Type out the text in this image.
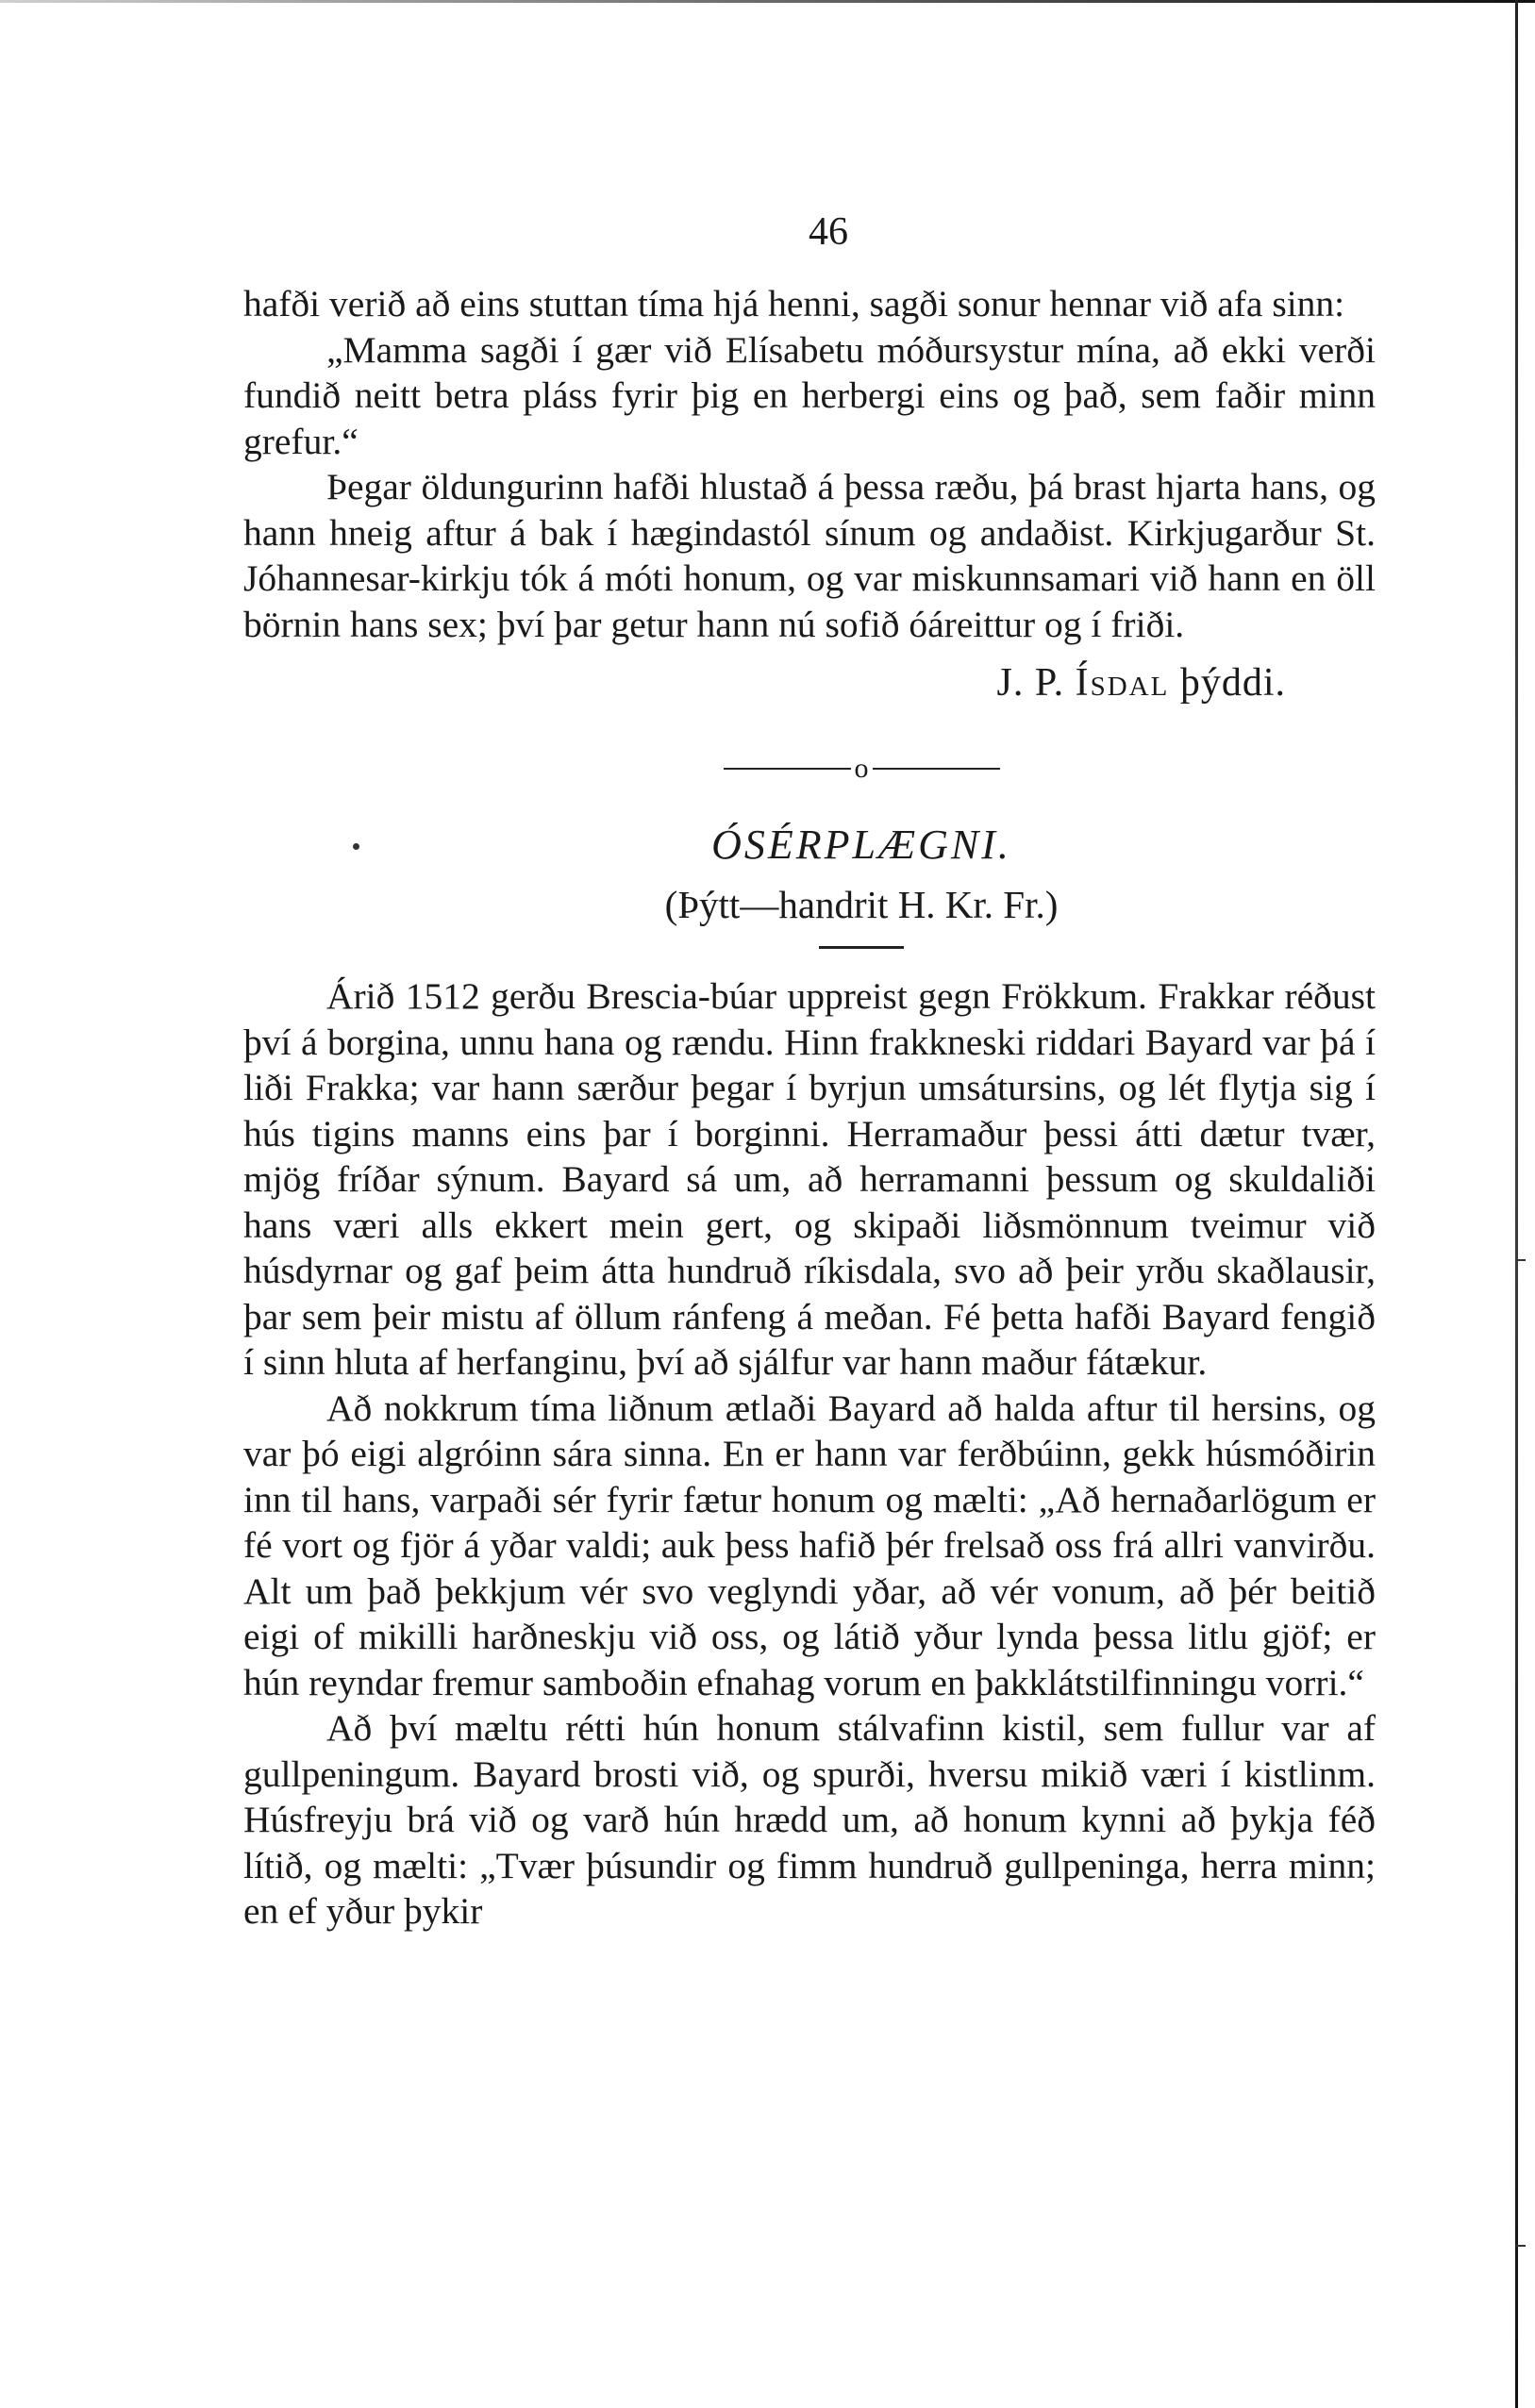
46

hafði verið að eins stuttan tíma hjá henni, sagði sonur hennar við afa sinn:

„Mamma sagði í gær við Elísabetu móðursystur mína, að ekki verði fundið neitt betra pláss fyrir þig en herbergi eins og það, sem faðir minn grefur.“

Þegar öldungurinn hafði hlustað á þessa ræðu, þá brast hjarta hans, og hann hneig aftur á bak í hægindastól sínum og andaðist. Kirkjugarður St. Jóhannesar-kirkju tók á móti honum, og var miskunnsamari við hann en öll börnin hans sex; því þar getur hann nú sofið óáreittur og í friði.

J. P. Ísdal þýddi.
o
ÓSÉRPLÆGNI.
(Þýtt—handrit H. Kr. Fr.)

Árið 1512 gerðu Brescia-búar uppreist gegn Frökkum. Frakkar réðust því á borgina, unnu hana og rændu. Hinn frakkneski riddari Bayard var þá í liði Frakka; var hann særður þegar í byrjun umsátursins, og lét flytja sig í hús tigins manns eins þar í borginni. Herramaður þessi átti dætur tvær, mjög fríðar sýnum. Bayard sá um, að herramanni þessum og skuldaliði hans væri alls ekkert mein gert, og skipaði liðsmönnum tveimur við húsdyrnar og gaf þeim átta hundruð ríkisdala, svo að þeir yrðu skaðlausir, þar sem þeir mistu af öllum ránfeng á meðan. Fé þetta hafði Bayard fengið í sinn hluta af herfanginu, því að sjálfur var hann maður fátækur.

Að nokkrum tíma liðnum ætlaði Bayard að halda aftur til hersins, og var þó eigi algróinn sára sinna. En er hann var ferðbúinn, gekk húsmóðirin inn til hans, varpaði sér fyrir fætur honum og mælti: „Að hernaðarlögum er fé vort og fjör á yðar valdi; auk þess hafið þér frelsað oss frá allri vanvirðu. Alt um það þekkjum vér svo veglyndi yðar, að vér vonum, að þér beitið eigi of mikilli harðneskju við oss, og látið yður lynda þessa litlu gjöf; er hún reyndar fremur samboðin efnahag vorum en þakklátstilfinningu vorri.“

Að því mæltu rétti hún honum stálvafinn kistil, sem fullur var af gullpeningum. Bayard brosti við, og spurði, hversu mikið væri í kistlinm. Húsfreyju brá við og varð hún hrædd um, að honum kynni að þykja féð lítið, og mælti: „Tvær þúsundir og fimm hundruð gullpeninga, herra minn; en ef yður þykir
